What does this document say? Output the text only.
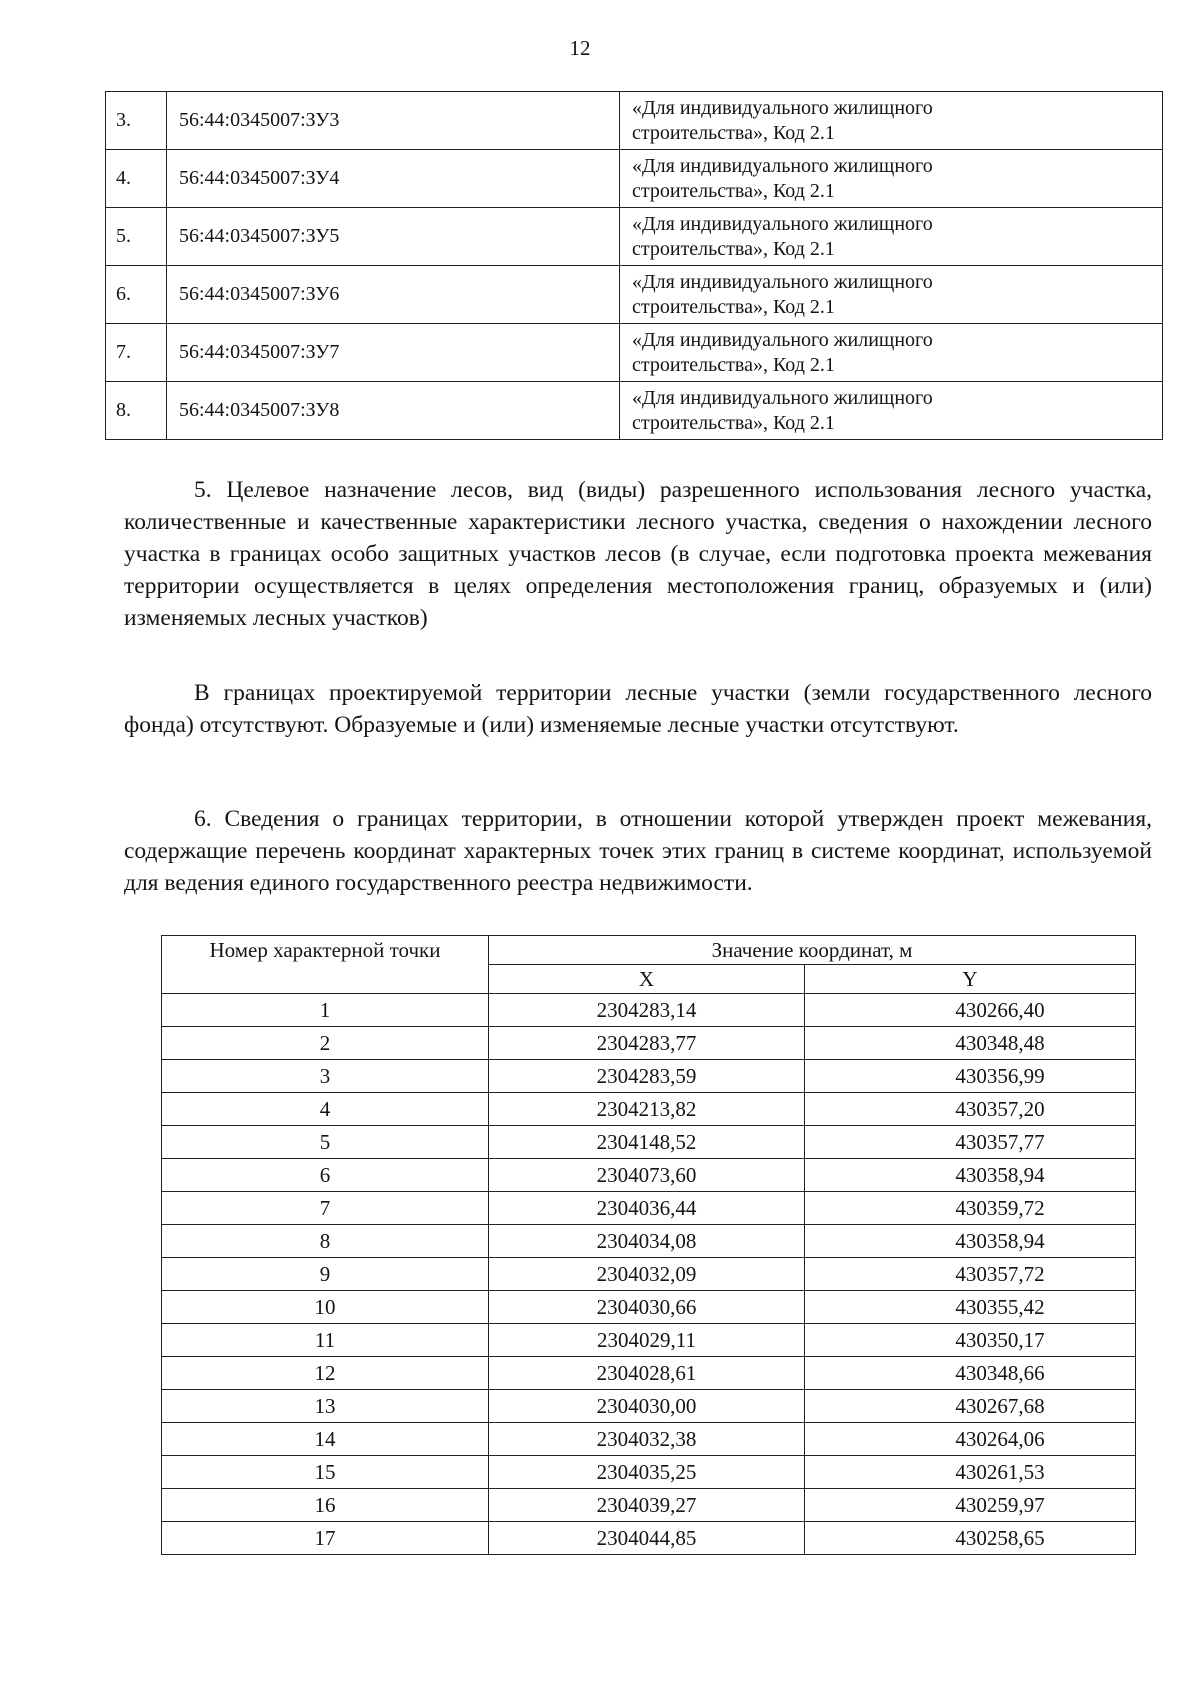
12
3.	56:44:0345007:ЗУ3	«Для индивидуального жилищного
строительства», Код 2.1

4.	56:44:0345007:ЗУ4	«Для индивидуального жилищного
строительства», Код 2.1

5.	56:44:0345007:ЗУ5	«Для индивидуального жилищного
строительства», Код 2.1

6.	56:44:0345007:ЗУ6	«Для индивидуального жилищного
строительства», Код 2.1

7.	56:44:0345007:ЗУ7	«Для индивидуального жилищного
строительства», Код 2.1

8.	56:44:0345007:ЗУ8	«Для индивидуального жилищного
строительства», Код 2.1

5. Целевое назначение лесов, вид (виды) разрешенного использования лесного участка, количественные и качественные характеристики лесного участка, сведения о нахождении лесного участка в границах особо защитных участков лесов (в случае, если подготовка проекта межевания территории осуществляется в целях определения местоположения границ, образуемых и (или) изменяемых лесных участков)

В границах проектируемой территории лесные участки (земли государственного лесного фонда) отсутствуют. Образуемые и (или) изменяемые лесные участки отсутствуют.

6. Сведения о границах территории, в отношении которой утвержден проект межевания, содержащие перечень координат характерных точек этих границ в системе координат, используемой для ведения единого государственного реестра недвижимости.

Номер характерной точки	Значение координат, м	
	X	Y
1	2304283,14	430266,40
2	2304283,77	430348,48
3	2304283,59	430356,99
4	2304213,82	430357,20
5	2304148,52	430357,77
6	2304073,60	430358,94
7	2304036,44	430359,72
8	2304034,08	430358,94
9	2304032,09	430357,72
10	2304030,66	430355,42
11	2304029,11	430350,17
12	2304028,61	430348,66
13	2304030,00	430267,68
14	2304032,38	430264,06
15	2304035,25	430261,53
16	2304039,27	430259,97
17	2304044,85	430258,65
